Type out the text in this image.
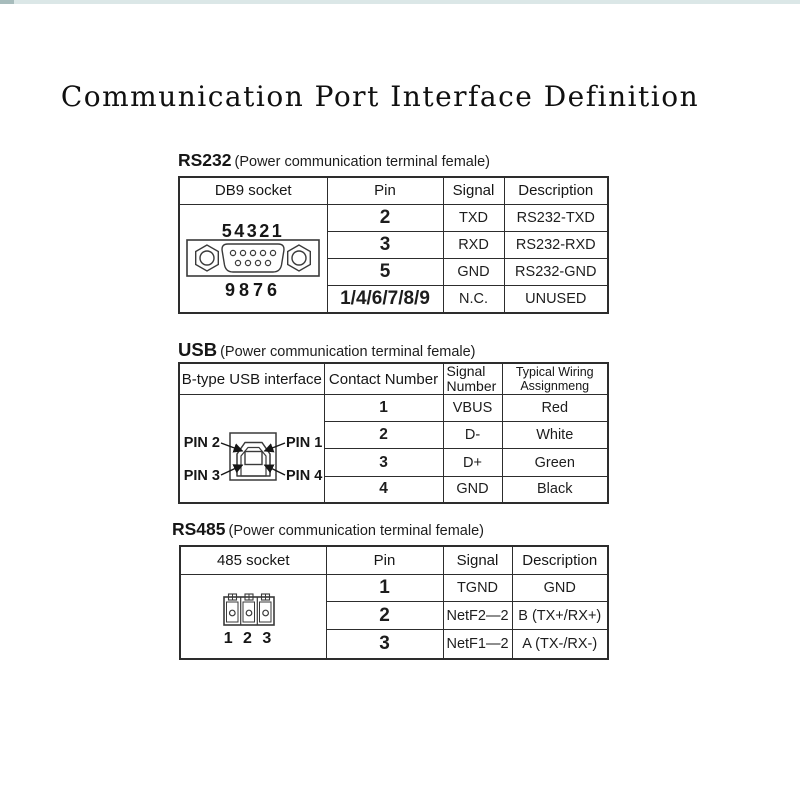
Communication Port Interface Definition
RS232 (Power communication terminal female)
DB9 socket	Pin	Signal	Description

54321
9876	2	TXD	RS232-TXD
	3	RXD	RS232-RXD
	5	GND	RS232-GND
	1/4/6/7/8/9	N.C.	UNUSED
USB (Power communication terminal female)
B-type USB interface	Contact Number	Signal Number	Typical Wiring Assignmeng

PIN 2 PIN 1
PIN 3 PIN 4	1	VBUS	Red
	2	D-	White
	3	D+	Green
	4	GND	Black
RS485 (Power communication terminal female)
485 socket	Pin	Signal	Description

1 2 3	1	TGND	GND
	2	NetF2—2	B (TX+/RX+)
	3	NetF1—2	A (TX-/RX-)
